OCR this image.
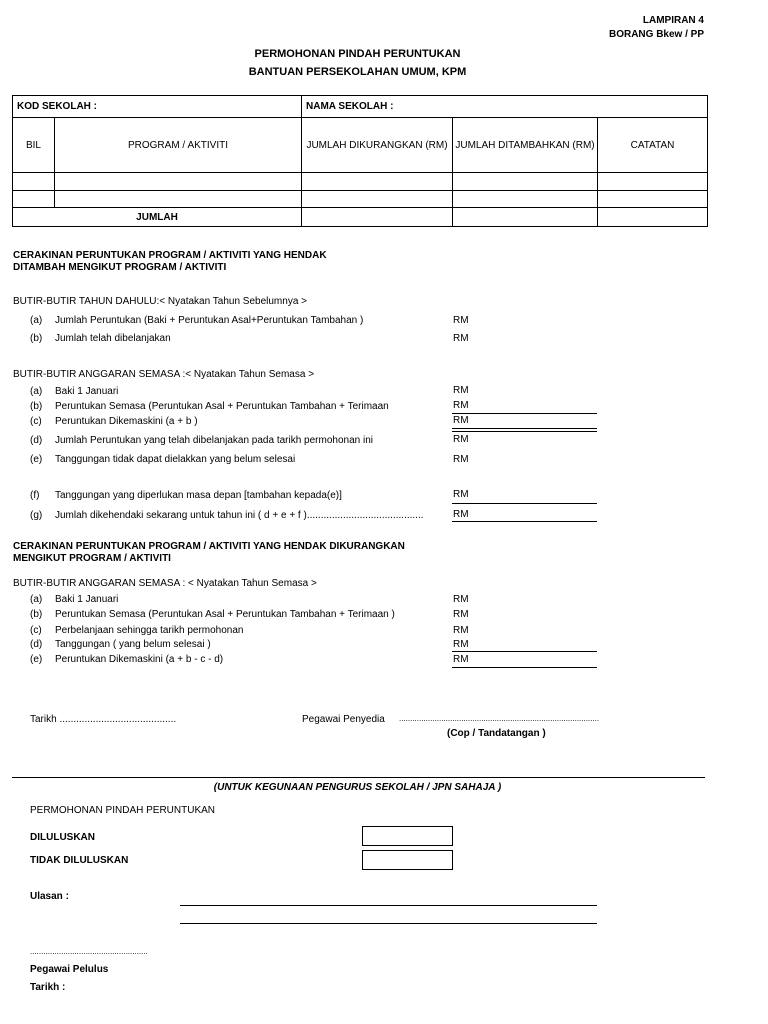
LAMPIRAN 4
BORANG Bkew / PP
PERMOHONAN PINDAH PERUNTUKAN
BANTUAN PERSEKOLAHAN UMUM, KPM
KOD SEKOLAH :		NAMA SEKOLAH :		
BIL	PROGRAM / AKTIVITI	JUMLAH DIKURANGKAN (RM)	JUMLAH DITAMBAHKAN (RM)	CATATAN

JUMLAH				
CERAKINAN PERUNTUKAN PROGRAM / AKTIVITI YANG HENDAK
DITAMBAH MENGIKUT PROGRAM / AKTIVITI
BUTIR-BUTIR TAHUN DAHULU:< Nyatakan Tahun Sebelumnya >
(a) Jumlah Peruntukan (Baki + Peruntukan Asal+Peruntukan Tambahan )	RM
(b) Jumlah telah dibelanjakan	RM
BUTIR-BUTIR ANGGARAN SEMASA :< Nyatakan Tahun Semasa >
(a) Baki 1 Januari	RM
(b) Peruntukan Semasa (Peruntukan Asal + Peruntukan Tambahan + Terimaan	RM
(c) Peruntukan Dikemaskini (a + b )	RM
(d) Jumlah Peruntukan yang telah dibelanjakan pada tarikh permohonan ini	RM
(e) Tanggungan tidak dapat dielakkan yang belum selesai	RM
(f) Tanggungan yang diperlukan masa depan [tambahan kepada(e)]	RM
(g) Jumlah dikehendaki sekarang untuk tahun ini ( d + e + f )..........................................	RM
CERAKINAN PERUNTUKAN PROGRAM / AKTIVITI YANG HENDAK DIKURANGKAN
MENGIKUT PROGRAM / AKTIVITI
BUTIR-BUTIR ANGGARAN SEMASA : < Nyatakan Tahun Semasa >
(a) Baki 1 Januari	RM
(b) Peruntukan Semasa (Peruntukan Asal + Peruntukan Tambahan + Terimaan )	RM
(c) Perbelanjaan sehingga tarikh permohonan	RM
(d) Tanggungan ( yang belum selesai )	RM
(e) Peruntukan Dikemaskini (a + b - c - d)	RM
Tarikh ..........................................	Pegawai Penyedia ..........................................................................................
(Cop / Tandatangan )
(UNTUK KEGUNAAN PENGURUS SEKOLAH / JPN SAHAJA )
PERMOHONAN PINDAH PERUNTUKAN
DILULUSKAN
TIDAK DILULUSKAN
Ulasan :
.....................................................
Pegawai Pelulus
Tarikh :
